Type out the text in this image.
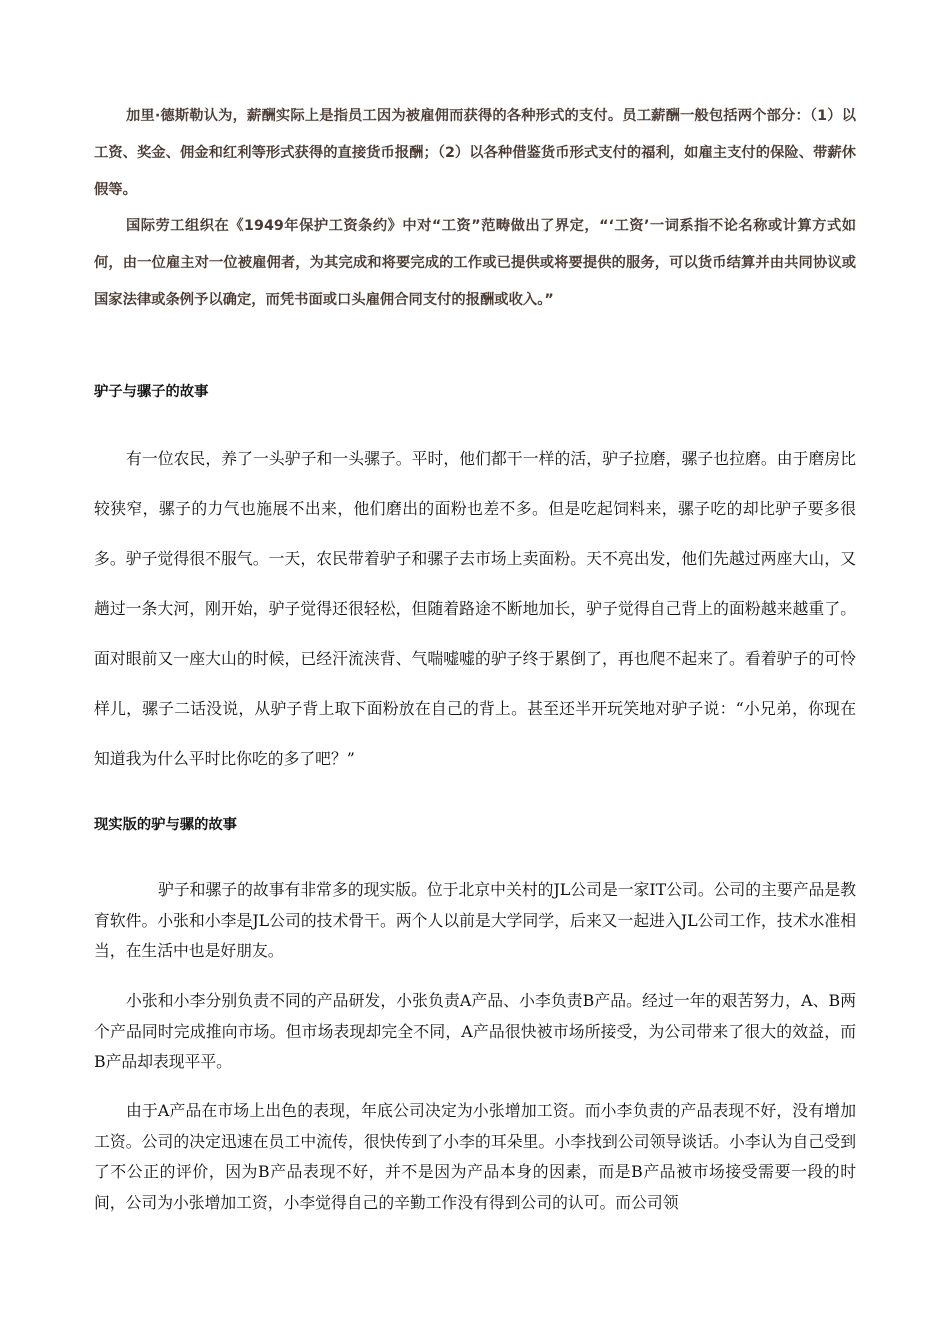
加里·德斯勒认为，薪酬实际上是指员工因为被雇佣而获得的各种形式的支付。员工薪酬一般包括两个部分：（1）以工资、奖金、佣金和红利等形式获得的直接货币报酬；（2）以各种借鉴货币形式支付的福利，如雇主支付的保险、带薪休假等。

国际劳工组织在《1949年保护工资条约》中对“工资”范畴做出了界定，“‘工资’一词系指不论名称或计算方式如何，由一位雇主对一位被雇佣者，为其完成和将要完成的工作或已提供或将要提供的服务，可以货币结算并由共同协议或国家法律或条例予以确定，而凭书面或口头雇佣合同支付的报酬或收入。”

驴子与骡子的故事

有一位农民，养了一头驴子和一头骡子。平时，他们都干一样的活，驴子拉磨，骡子也拉磨。由于磨房比较狭窄，骡子的力气也施展不出来，他们磨出的面粉也差不多。但是吃起饲料来，骡子吃的却比驴子要多很多。驴子觉得很不服气。一天，农民带着驴子和骡子去市场上卖面粉。天不亮出发，他们先越过两座大山，又趟过一条大河，刚开始，驴子觉得还很轻松，但随着路途不断地加长，驴子觉得自己背上的面粉越来越重了。面对眼前又一座大山的时候，已经汗流浃背、气喘嘘嘘的驴子终于累倒了，再也爬不起来了。看着驴子的可怜样儿，骡子二话没说，从驴子背上取下面粉放在自己的背上。甚至还半开玩笑地对驴子说：“小兄弟，你现在知道我为什么平时比你吃的多了吧？”

现实版的驴与骡的故事

驴子和骡子的故事有非常多的现实版。位于北京中关村的JL公司是一家IT公司。公司的主要产品是教育软件。小张和小李是JL公司的技术骨干。两个人以前是大学同学，后来又一起进入JL公司工作，技术水准相当，在生活中也是好朋友。

小张和小李分别负责不同的产品研发，小张负责A产品、小李负责B产品。经过一年的艰苦努力，A、B两个产品同时完成推向市场。但市场表现却完全不同，A产品很快被市场所接受，为公司带来了很大的效益，而B产品却表现平平。

由于A产品在市场上出色的表现，年底公司决定为小张增加工资。而小李负责的产品表现不好，没有增加工资。公司的决定迅速在员工中流传，很快传到了小李的耳朵里。小李找到公司领导谈话。小李认为自己受到了不公正的评价，因为B产品表现不好，并不是因为产品本身的因素，而是B产品被市场接受需要一段的时间，公司为小张增加工资，小李觉得自己的辛勤工作没有得到公司的认可。而公司领
